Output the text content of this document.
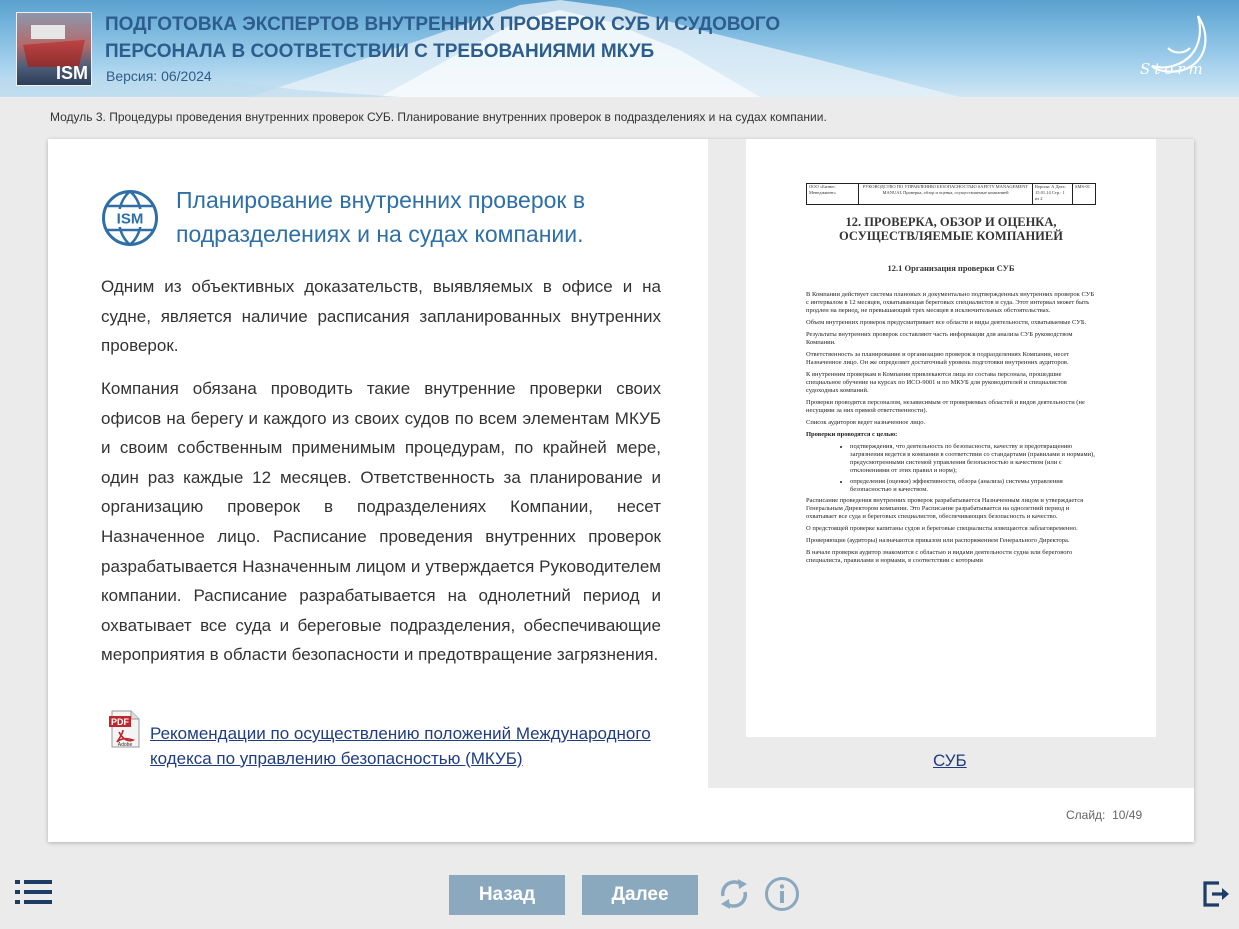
ISM
ПОДГОТОВКА ЭКСПЕРТОВ ВНУТРЕННИХ ПРОВЕРОК СУБ И СУДОВОГО ПЕРСОНАЛА В СООТВЕТСТВИИ С ТРЕБОВАНИЯМИ МКУБ
Версия: 06/2024	Storm
Модуль 3. Процедуры проведения внутренних проверок СУБ. Планирование внутренних проверок в подразделениях и на судах компании.
ISM
Планирование внутренних проверок в подразделениях и на судах компании.
Одним из объективных доказательств, выявляемых в офисе и на судне, является наличие расписания запланированных внутренних проверок.
Компания обязана проводить такие внутренние проверки своих офисов на берегу и каждого из своих судов по всем элементам МКУБ и своим собственным применимым процедурам, по крайней мере, один раз каждые 12 месяцев. Ответственность за планирование и организацию проверок в подразделениях Компании, несет Назначенное лицо. Расписание проведения внутренних проверок разрабатывается Назначенным лицом и утверждается Руководителем компании. Расписание разрабатывается на однолетний период и охватывает все суда и береговые подразделения, обеспечивающие мероприятия в области безопасности и предотвращение загрязнения.
PDF
Adobe
Рекомендации по осуществлению положений Международного кодекса по управлению безопасностью (МКУБ)
ООО «Бизнес Менеджмент»
РУКОВОДСТВО ПО УПРАВЛЕНИЮ БЕЗОПАСНОСТЬЮ SAFETY MANAGEMENT MANUAL Проверка, обзор и оценка, осуществляемые компанией
Версия: А Дата: 15.01.14 Стр.: 1 из 2
SMS-01
12. ПРОВЕРКА, ОБЗОР И ОЦЕНКА, ОСУЩЕСТВЛЯЕМЫЕ КОМПАНИЕЙ
12.1 Организация проверки СУБ

В Компании действует система плановых и документально подтвержденных внутренних проверок СУБ с интервалом в 12 месяцев, охватывающая береговых специалистов и суда. Этот интервал может быть продлен на период, не превышающий трех месяцев в исключительных обстоятельствах.

Объем внутренних проверок предусматривает все области и виды деятельности, охватываемые СУБ.

Результаты внутренних проверок составляют часть информации для анализа СУБ руководством Компании.

Ответственность за планирование и организацию проверок в подразделениях Компании, несет Назначенное лицо. Он же определяет достаточный уровень подготовки внутренних аудиторов.

К внутренним проверкам в Компании привлекаются лица из состава персонала, прошедшие специальное обучение на курсах по ИСО-9001 и по МКУБ для руководителей и специалистов судоходных компаний.

Проверки проводятся персоналом, независимым от проверяемых областей и видов деятельности (не несущими за них прямой ответственности).

Список аудиторов ведет назначенное лицо.

Проверки проводятся с целью:

• подтверждения, что деятельность по безопасности, качеству и предотвращению загрязнения ведется в компании в соответствии со стандартами (правилами и нормами), предусмотренными системой управления безопасностью и качеством (или с отклонениями от этих правил и норм);
• определения (оценки) эффективности, обзора (анализа) системы управления безопасностью и качеством.

Расписание проведения внутренних проверок разрабатывается Назначенным лицом и утверждается Генеральным Директором компании. Это Расписание разрабатывается на однолетний период и охватывает все суда и береговых специалистов, обеспечивающих безопасность и качество.

О предстоящей проверке капитаны судов и береговые специалисты извещаются заблаговременно.

Проверяющие (аудиторы) назначаются приказом или распоряжением Генерального Директора.

В начале проверки аудитор знакомится с областью и видами деятельности судна или берегового специалиста, правилами и нормами, в соответствии с которыми

СУБ
Слайд: 10/49
Назад	Далее
